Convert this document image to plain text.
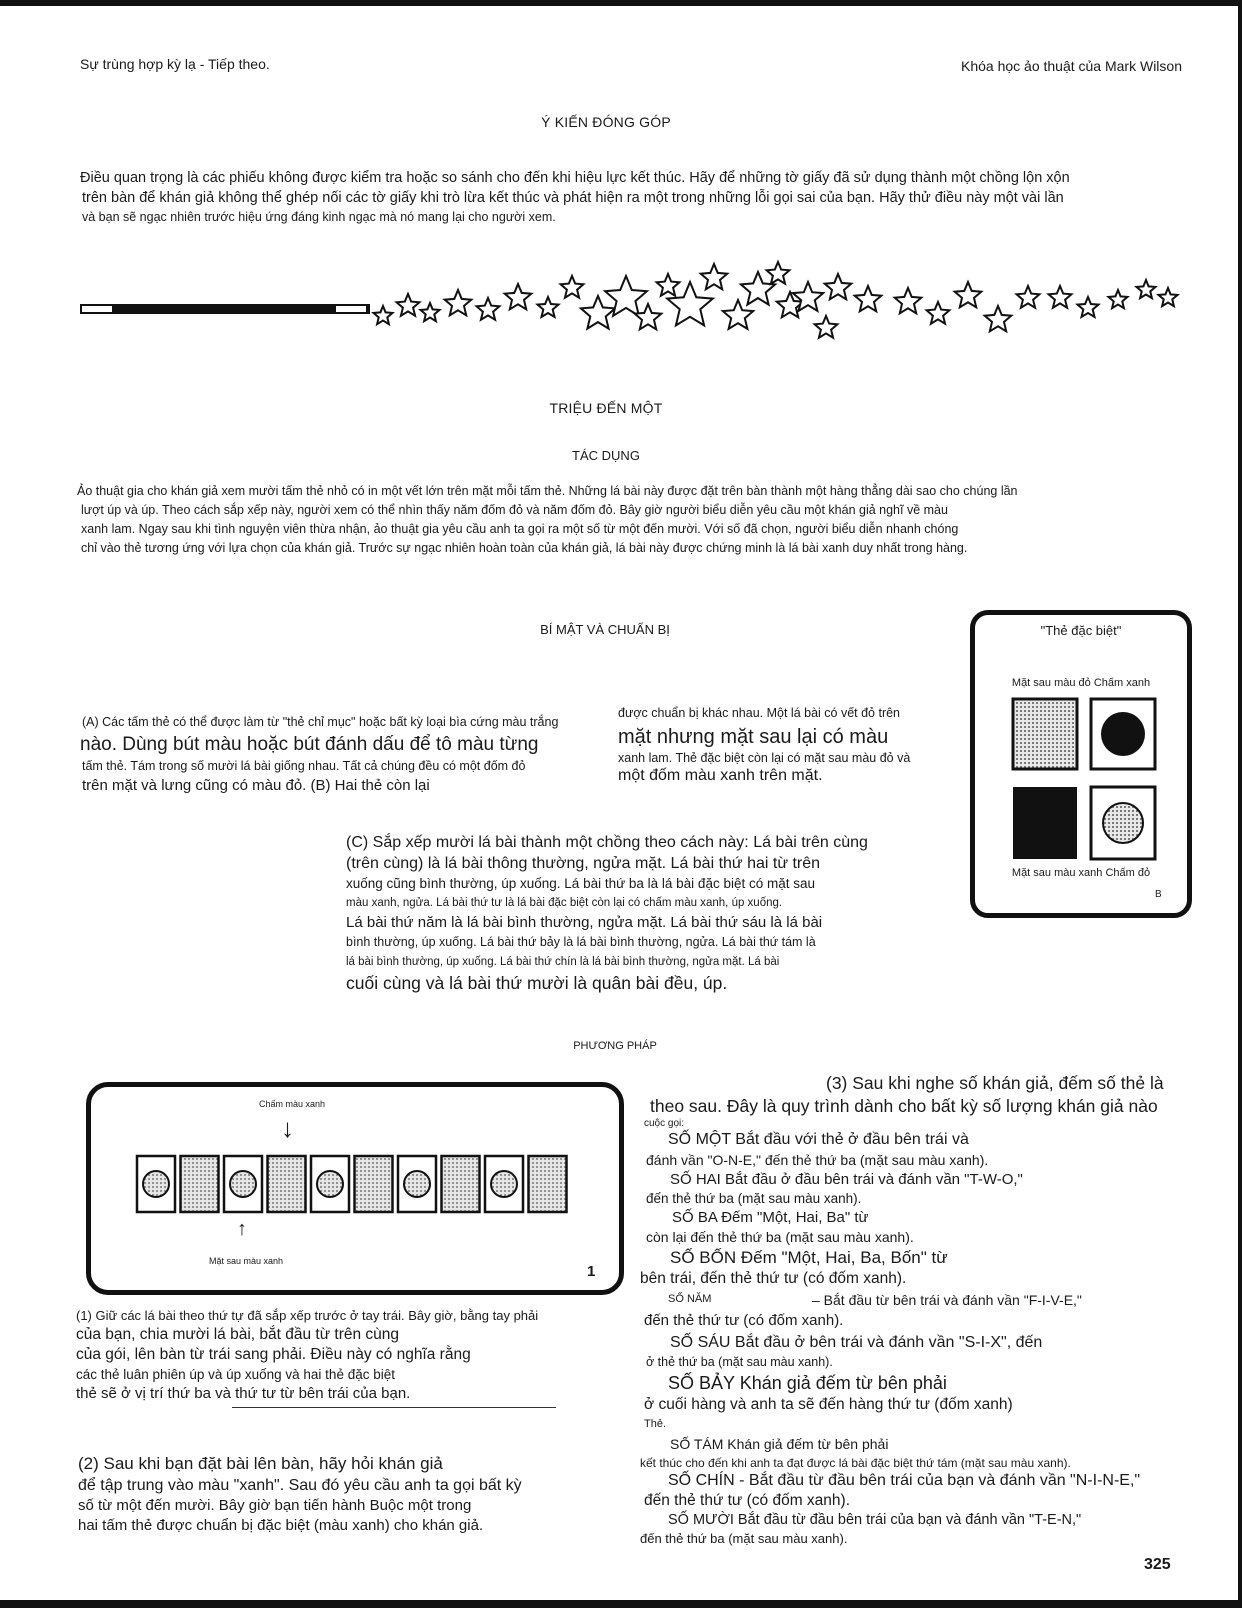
Sự trùng hợp kỳ lạ - Tiếp theo.	Khóa học ảo thuật của Mark Wilson
Ý KIẾN ĐÓNG GÓP
Điều quan trọng là các phiếu không được kiểm tra hoặc so sánh cho đến khi hiệu lực kết thúc. Hãy để những tờ giấy đã sử dụng thành một chồng lộn xộn
trên bàn để khán giả không thể ghép nối các tờ giấy khi trò lừa kết thúc và phát hiện ra một trong những lỗi gọi sai của bạn. Hãy thử điều này một vài lần
và bạn sẽ ngạc nhiên trước hiệu ứng đáng kinh ngạc mà nó mang lại cho người xem.
TRIỆU ĐẾN MỘT
TÁC DỤNG
Ảo thuật gia cho khán giả xem mười tấm thẻ nhỏ có in một vết lớn trên mặt mỗi tấm thẻ. Những lá bài này được đặt trên bàn thành một hàng thẳng dài sao cho chúng lần
lượt úp và úp. Theo cách sắp xếp này, người xem có thể nhìn thấy năm đốm đỏ và năm đốm đỏ. Bây giờ người biểu diễn yêu cầu một khán giả nghĩ về màu
xanh lam. Ngay sau khi tình nguyện viên thừa nhận, ảo thuật gia yêu cầu anh ta gọi ra một số từ một đến mười. Với số đã chọn, người biểu diễn nhanh chóng
chỉ vào thẻ tương ứng với lựa chọn của khán giả. Trước sự ngạc nhiên hoàn toàn của khán giả, lá bài này được chứng minh là lá bài xanh duy nhất trong hàng.
BÍ MẬT VÀ CHUẨN BỊ
(A) Các tấm thẻ có thể được làm từ "thẻ chỉ mục" hoặc bất kỳ loại bìa cứng màu trắng
nào. Dùng bút màu hoặc bút đánh dấu để tô màu từng
tấm thẻ. Tám trong số mười lá bài giống nhau. Tất cả chúng đều có một đốm đỏ
trên mặt và lưng cũng có màu đỏ. (B) Hai thẻ còn lại
được chuẩn bị khác nhau. Một lá bài có vết đỏ trên
mặt nhưng mặt sau lại có màu
xanh lam. Thẻ đặc biệt còn lại có mặt sau màu đỏ và
một đốm màu xanh trên mặt.
"Thẻ đặc biệt"
Mặt sau màu đỏ Chấm xanh
Mặt sau màu xanh Chấm đỏ
B
(C) Sắp xếp mười lá bài thành một chồng theo cách này: Lá bài trên cùng
(trên cùng) là lá bài thông thường, ngửa mặt. Lá bài thứ hai từ trên
xuống cũng bình thường, úp xuống. Lá bài thứ ba là lá bài đặc biệt có mặt sau
màu xanh, ngửa. Lá bài thứ tư là lá bài đặc biệt còn lại có chấm màu xanh, úp xuống.
Lá bài thứ năm là lá bài bình thường, ngửa mặt. Lá bài thứ sáu là lá bài
bình thường, úp xuống. Lá bài thứ bảy là lá bài bình thường, ngửa. Lá bài thứ tám là
lá bài bình thường, úp xuống. Lá bài thứ chín là lá bài bình thường, ngửa mặt. Lá bài
cuối cùng và lá bài thứ mười là quân bài đều, úp.
PHƯƠNG PHÁP
Chấm màu xanh
↓
↑
Mặt sau màu xanh
1
(1) Giữ các lá bài theo thứ tự đã sắp xếp trước ở tay trái. Bây giờ, bằng tay phải
của bạn, chia mười lá bài, bắt đầu từ trên cùng
của gói, lên bàn từ trái sang phải. Điều này có nghĩa rằng
các thẻ luân phiên úp và úp xuống và hai thẻ đặc biệt
thẻ sẽ ở vị trí thứ ba và thứ tư từ bên trái của bạn.
(2) Sau khi bạn đặt bài lên bàn, hãy hỏi khán giả
để tập trung vào màu "xanh". Sau đó yêu cầu anh ta gọi bất kỳ
số từ một đến mười. Bây giờ bạn tiến hành Buộc một trong
hai tấm thẻ được chuẩn bị đặc biệt (màu xanh) cho khán giả.
(3) Sau khi nghe số khán giả, đếm số thẻ là
theo sau. Đây là quy trình dành cho bất kỳ số lượng khán giả nào
cuộc gọi:
SỐ MỘT Bắt đầu với thẻ ở đầu bên trái và
đánh vần "O-N-E," đến thẻ thứ ba (mặt sau màu xanh).
SỐ HAI Bắt đầu ở đầu bên trái và đánh vần "T-W-O,"
đến thẻ thứ ba (mặt sau màu xanh).
SỐ BA Đếm "Một, Hai, Ba" từ
còn lại đến thẻ thứ ba (mặt sau màu xanh).
SỐ BỐN Đếm "Một, Hai, Ba, Bốn" từ
bên trái, đến thẻ thứ tư (có đốm xanh).
SỐ NĂM	– Bắt đầu từ bên trái và đánh vần "F-I-V-E,"
đến thẻ thứ tư (có đốm xanh).
SỐ SÁU Bắt đầu ở bên trái và đánh vần "S-I-X", đến
ở thẻ thứ ba (mặt sau màu xanh).
SỐ BẢY Khán giả đếm từ bên phải
ở cuối hàng và anh ta sẽ đến hàng thứ tư (đốm xanh)
Thẻ.
SỐ TÁM Khán giả đếm từ bên phải
kết thúc cho đến khi anh ta đạt được lá bài đặc biệt thứ tám (mặt sau màu xanh).
SỐ CHÍN - Bắt đầu từ đầu bên trái của bạn và đánh vần "N-I-N-E,"
đến thẻ thứ tư (có đốm xanh).
SỐ MƯỜI Bắt đầu từ đầu bên trái của bạn và đánh vần "T-E-N,"
đến thẻ thứ ba (mặt sau màu xanh).
325
